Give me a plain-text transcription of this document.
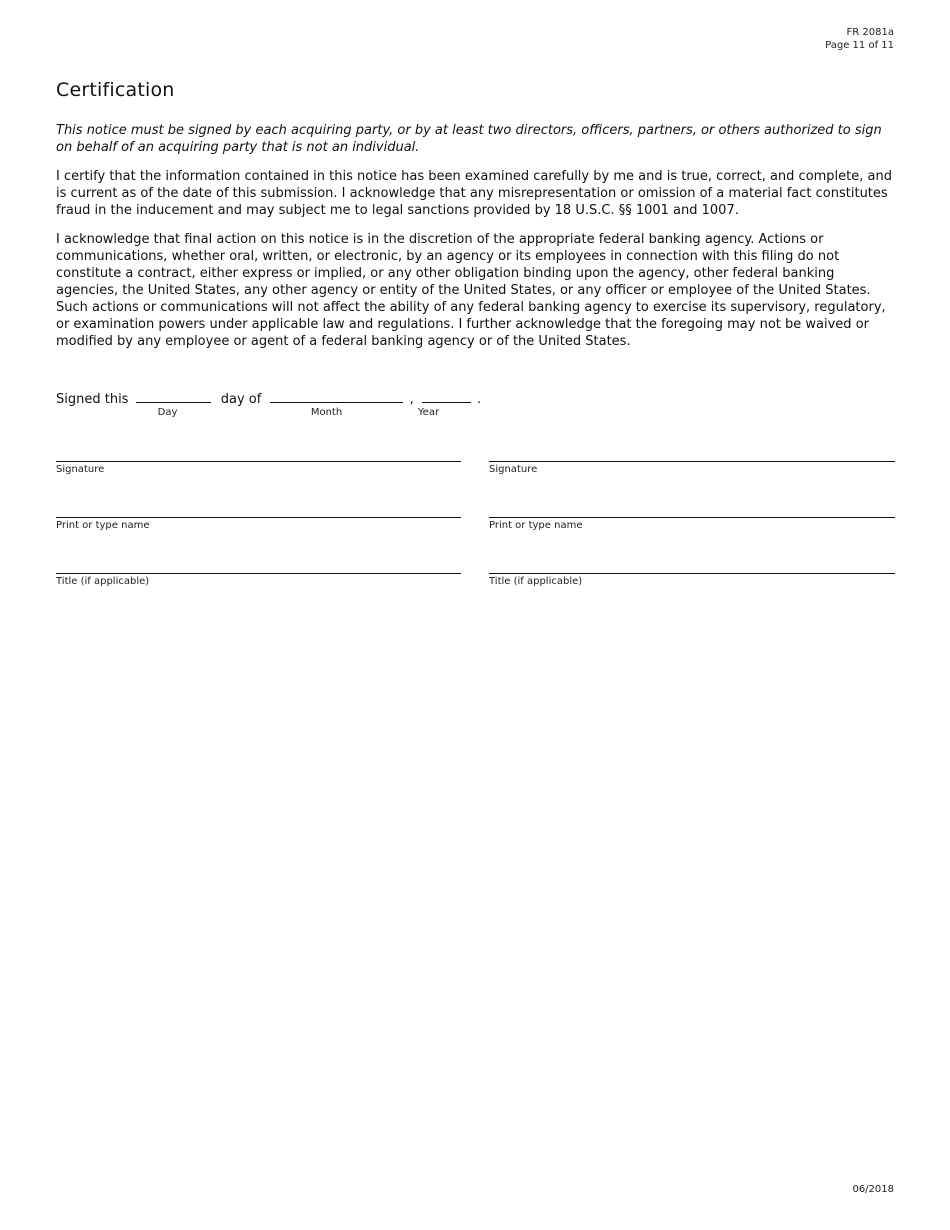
FR 2081a
Page 11 of 11
Certification

This notice must be signed by each acquiring party, or by at least two directors, officers, partners, or others authorized to sign on behalf of an acquiring party that is not an individual.

I certify that the information contained in this notice has been examined carefully by me and is true, correct, and complete, and is current as of the date of this submission. I acknowledge that any misrepresentation or omission of a material fact constitutes fraud in the inducement and may subject me to legal sanctions provided by 18 U.S.C. §§ 1001 and 1007.

I acknowledge that final action on this notice is in the discretion of the appropriate federal banking agency. Actions or communications, whether oral, written, or electronic, by an agency or its employees in connection with this filing do not constitute a contract, either express or implied, or any other obligation binding upon the agency, other federal banking agencies, the United States, any other agency or entity of the United States, or any officer or employee of the United States. Such actions or communications will not affect the ability of any federal banking agency to exercise its supervisory, regulatory, or examination powers under applicable law and regulations. I further acknowledge that the foregoing may not be waived or modified by any employee or agent of a federal banking agency or of the United States.

Signed this	day of	,	.
Day	Month	Year
Signature
Print or type name
Title (if applicable)
Signature
Print or type name
Title (if applicable)
06/2018
